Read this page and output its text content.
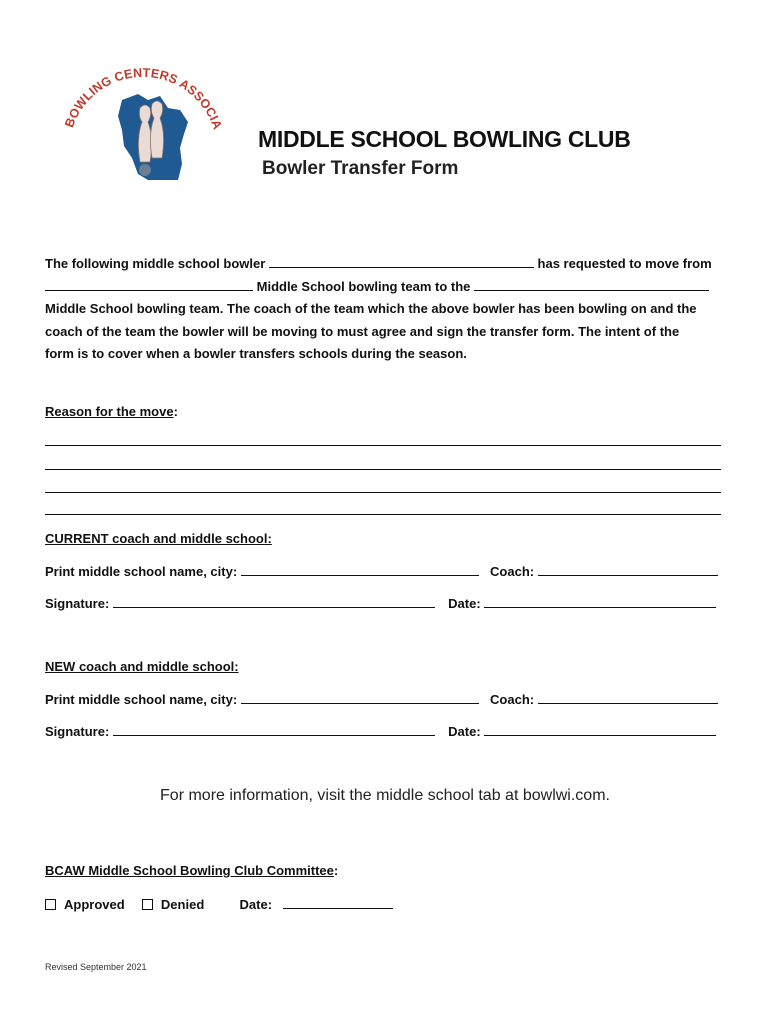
BOWLING CENTERS ASSOCI
MIDDLE SCHOOL BOWLING CLUB
Bowler Transfer Form

The following middle school bowler	has requested to move from

Middle School bowling team to the

Middle School bowling team. The coach of the team which the above bowler has been bowling on and the

coach of the team the bowler will be moving to must agree and sign the transfer form. The intent of the

form is to cover when a bowler transfers schools during the season.

Reason for the move:
CURRENT coach and middle school:
Print middle school name, city:	Coach:
Signature:	Date:
NEW coach and middle school:
Print middle school name, city:	Coach:
Signature:	Date:
For more information, visit the middle school tab at bowlwi.com.
BCAW Middle School Bowling Club Committee:
Approved	Denied	Date:
Revised September 2021
